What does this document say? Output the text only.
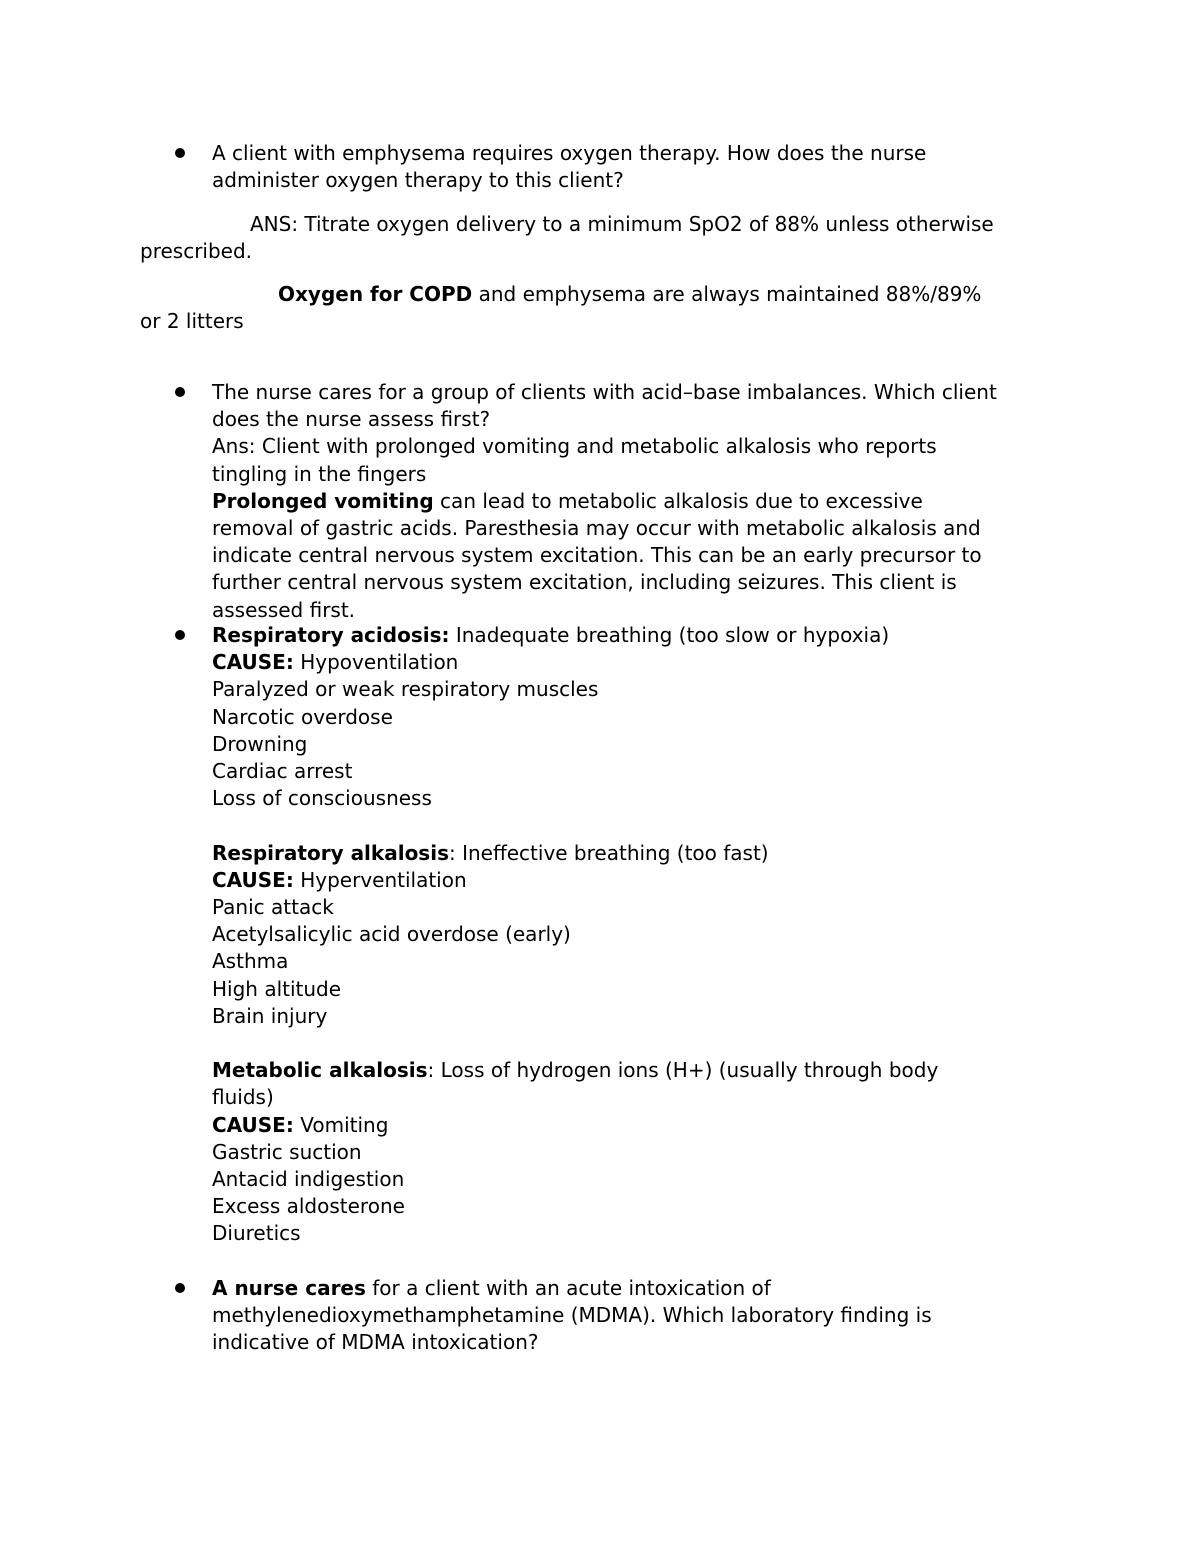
A client with emphysema requires oxygen therapy. How does the nurse
administer oxygen therapy to this client?
ANS: Titrate oxygen delivery to a minimum SpO2 of 88% unless otherwise
prescribed.
Oxygen for COPD and emphysema are always maintained 88%/89%
or 2 litters
The nurse cares for a group of clients with acid–base imbalances. Which client
does the nurse assess first?
Ans: Client with prolonged vomiting and metabolic alkalosis who reports
tingling in the fingers
Prolonged vomiting can lead to metabolic alkalosis due to excessive
removal of gastric acids. Paresthesia may occur with metabolic alkalosis and
indicate central nervous system excitation. This can be an early precursor to
further central nervous system excitation, including seizures. This client is
assessed first.
Respiratory acidosis: Inadequate breathing (too slow or hypoxia)
CAUSE: Hypoventilation
Paralyzed or weak respiratory muscles
Narcotic overdose
Drowning
Cardiac arrest
Loss of consciousness
Respiratory alkalosis: Ineffective breathing (too fast)
CAUSE: Hyperventilation
Panic attack
Acetylsalicylic acid overdose (early)
Asthma
High altitude
Brain injury
Metabolic alkalosis: Loss of hydrogen ions (H+) (usually through body
fluids)
CAUSE: Vomiting
Gastric suction
Antacid indigestion
Excess aldosterone
Diuretics
A nurse cares for a client with an acute intoxication of
methylenedioxymethamphetamine (MDMA). Which laboratory finding is
indicative of MDMA intoxication?
